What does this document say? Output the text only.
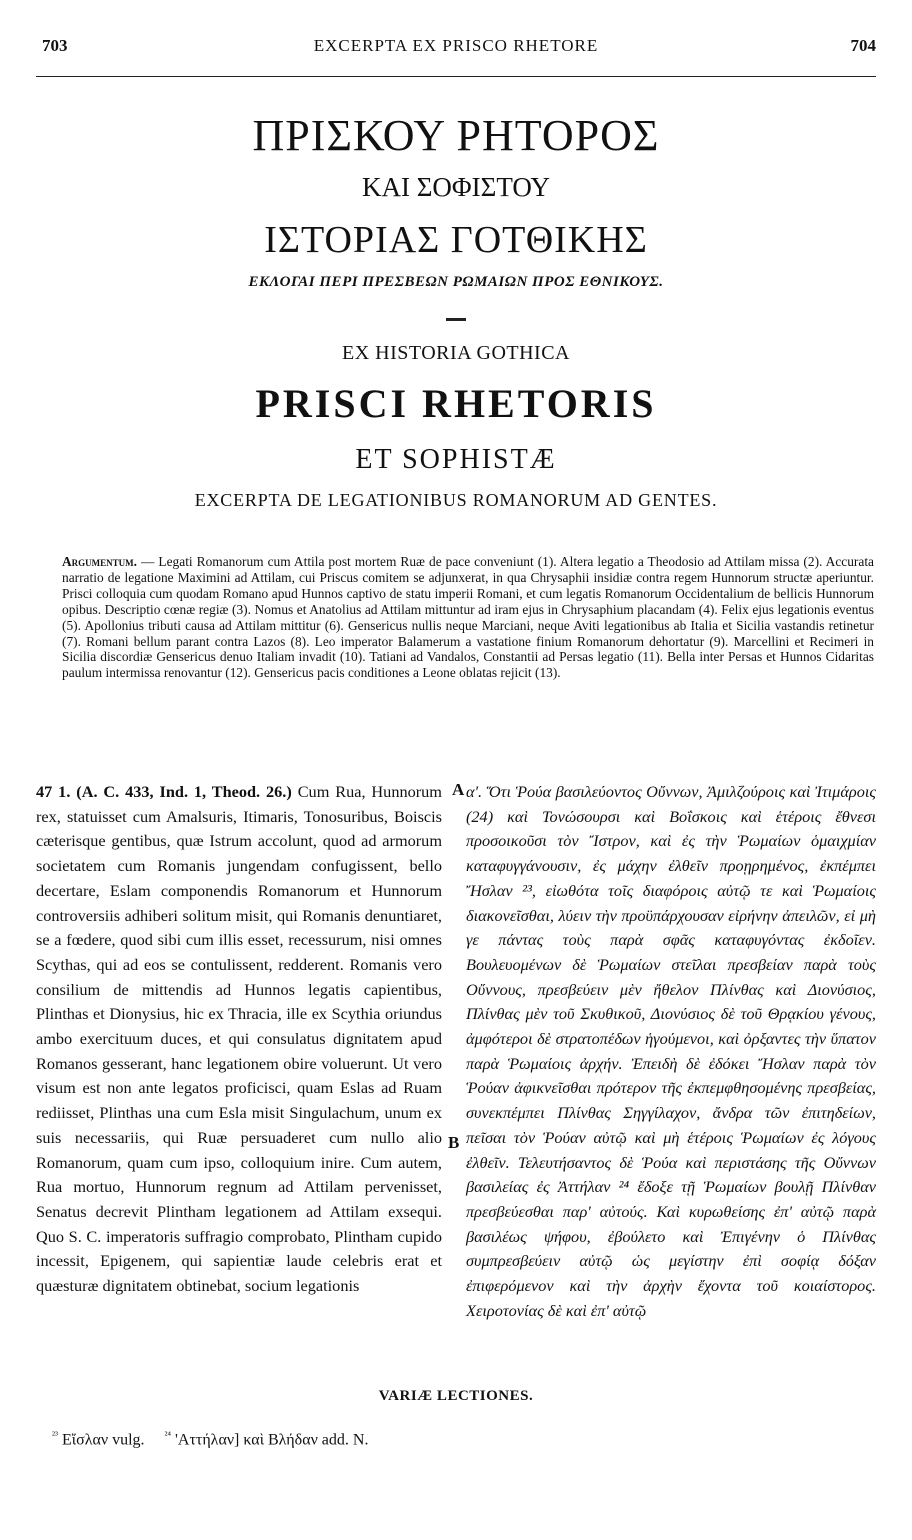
703	EXCERPTA EX PRISCO RHETORE	704
ΠΡΙΣΚΟΥ ΡΗΤΟΡΟΣ
ΚΑΙ ΣΟΦΙΣΤΟΥ
ΙΣΤΟΡΙΑΣ ΓΟΤΘΙΚΗΣ
ΕΚΛΟΓΑΙ ΠΕΡΙ ΠΡΕΣΒΕΩΝ ΡΩΜΑΙΩΝ ΠΡΟΣ ΕΘΝΙΚΟΥΣ.
EX HISTORIA GOTHICA
PRISCI RHETORIS
ET SOPHISTÆ
EXCERPTA DE LEGATIONIBUS ROMANORUM AD GENTES.
Argumentum. — Legati Romanorum cum Attila post mortem Ruæ de pace conveniunt (1). Altera legatio a Theodosio ad Attilam missa (2). Accurata narratio de legatione Maximini ad Attilam, cui Priscus comitem se adjunxerat, in qua Chrysaphii insidiæ contra regem Hunnorum structæ aperiuntur. Prisci colloquia cum quodam Romano apud Hunnos captivo de statu imperii Romani, et cum legatis Romanorum Occidentalium de bellicis Hunnorum opibus. Descriptio cœnæ regiæ (3). Nomus et Anatolius ad Attilam mittuntur ad iram ejus in Chrysaphium placandam (4). Felix ejus legationis eventus (5). Apollonius tributi causa ad Attilam mittitur (6). Gensericus nullis neque Marciani, neque Aviti legationibus ab Italia et Sicilia vastandis retinetur (7). Romani bellum parant contra Lazos (8). Leo imperator Balamerum a vastatione finium Romanorum dehortatur (9). Marcellini et Recimeri in Sicilia discordiæ Gensericus denuo Italiam invadit (10). Tatiani ad Vandalos, Constantii ad Persas legatio (11). Bella inter Persas et Hunnos Cidaritas paulum intermissa renovantur (12). Gensericus pacis conditiones a Leone oblatas rejicit (13).
47 1. (A. C. 433, Ind. 1, Theod. 26.) Cum Rua, Hunnorum rex, statuisset cum Amalsuris, Itimaris, Tonosuribus, Boiscis cæterisque gentibus, quæ Istrum accolunt, quod ad armorum societatem cum Romanis jungendam confugissent, bello decertare, Eslam componendis Romanorum et Hunnorum controversiis adhiberi solitum misit, qui Romanis denuntiaret, se a fœdere, quod sibi cum illis esset, recessurum, nisi omnes Scythas, qui ad eos se contulissent, redderent. Romanis vero consilium de mittendis ad Hunnos legatis capientibus, Plinthas et Dionysius, hic ex Thracia, ille ex Scythia oriundus ambo exercituum duces, et qui consulatus dignitatem apud Romanos gesserant, hanc legationem obire voluerunt. Ut vero visum est non ante legatos proficisci, quam Eslas ad Ruam rediisset, Plinthas una cum Esla misit Singulachum, unum ex suis necessariis, qui Ruæ persuaderet cum nullo alio Romanorum, quam cum ipso, colloquium inire. Cum autem, Rua mortuo, Hunnorum regnum ad Attilam pervenisset, Senatus decrevit Plintham legationem ad Attilam exsequi. Quo S. C. imperatoris suffragio comprobato, Plintham cupido incessit, Epigenem, qui sapientiæ laude celebris erat et quæsturæ dignitatem obtinebat, socium legationis
A
B
α'. Ὅτι Ῥούα βασιλεύοντος Οὔννων, Ἀμιλζούροις καὶ Ἰτιμάροις (24) καὶ Τονώσουρσι καὶ Βοΐσκοις καὶ ἑτέροις ἔθνεσι προσοικοῦσι τὸν Ἴστρον, καὶ ἐς τὴν Ῥωμαίων ὁμαιχμίαν καταφυγγάνουσιν, ἐς μάχην ἐλθεῖν προῃρημένος, ἐκπέμπει Ἤσλαν ²³, εἰωθότα τοῖς διαφόροις αὐτῷ τε καὶ Ῥωμαίοις διακονεῖσθαι, λύειν τὴν προϋπάρχουσαν εἰρήνην ἀπειλῶν, εἰ μὴ γε πάντας τοὺς παρὰ σφᾶς καταφυγόντας ἐκδοῖεν. Βουλευομένων δὲ Ῥωμαίων στεῖλαι πρεσβείαν παρὰ τοὺς Οὔννους, πρεσβεύειν μὲν ἤθελον Πλίνθας καὶ Διονύσιος, Πλίνθας μὲν τοῦ Σκυθικοῦ, Διονύσιος δὲ τοῦ Θρᾳκίου γένους, ἀμφότεροι δὲ στρατοπέδων ἡγούμενοι, καὶ ὀρξαντες τὴν ὕπατον παρὰ Ῥωμαίοις ἀρχήν. Ἐπειδὴ δὲ ἐδόκει Ἤσλαν παρὰ τὸν Ῥούαν ἀφικνεῖσθαι πρότερον τῆς ἐκπεμφθησομένης πρεσβείας, συνεκπέμπει Πλίνθας Σηγγίλαχον, ἄνδρα τῶν ἐπιτηδείων, πεῖσαι τὸν Ῥούαν αὐτῷ καὶ μὴ ἑτέροις Ῥωμαίων ἐς λόγους ἐλθεῖν. Τελευτήσαντος δὲ Ῥούα καὶ περιστάσης τῆς Οὔννων βασιλείας ἐς Ἀττήλαν ²⁴ ἔδοξε τῇ Ῥωμαίων βουλῇ Πλίνθαν πρεσβεύεσθαι παρ' αὐτούς. Καὶ κυρωθείσης ἐπ' αὐτῷ παρὰ βασιλέως ψήφου, ἐβούλετο καὶ Ἐπιγένην ὁ Πλίνθας συμπρεσβεύειν αὐτῷ ὡς μεγίστην ἐπὶ σοφίᾳ δόξαν ἐπιφερόμενον καὶ τὴν ἀρχὴν ἔχοντα τοῦ κοιαίστορος. Χειροτονίας δὲ καὶ ἐπ' αὐτῷ
VARIÆ LECTIONES.
$^{^{23}}$ Εἴσλαν vulg. $^{^{24}}$ 'Αττήλαν] καὶ Βλήδαν add. N.
